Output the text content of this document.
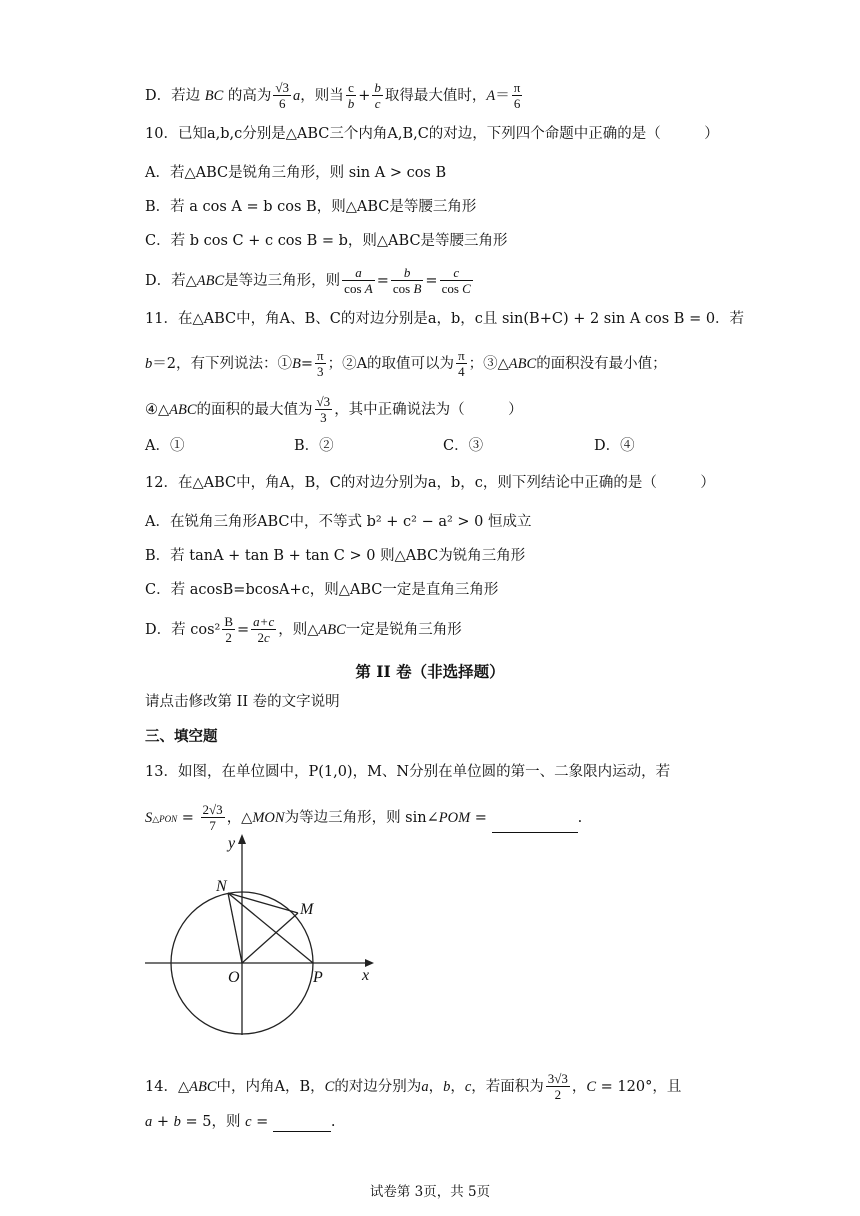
D．若边 BC 的高为 $\frac{√3}{6}$ a，则当 $\frac{c}{b} + \frac{b}{c}$ 取得最大值时，$A= \frac{\pi}{6}$
10．已知a,b,c分别是△ABC三个内角A,B,C的对边，下列四个命题中正确的是（　　　）
A．若△ABC是锐角三角形，则 sin A > cos B
B．若 a cos A = b cos B，则△ABC是等腰三角形
C．若 b cos C + c cos B = b，则△ABC是等腰三角形
D．若△ABC是等边三角形，则 $\frac{a}{\text{cos A}} = \frac{b}{\text{cos B}} = \frac{c}{\text{cos C}}$
11．在△ABC中，角A、B、C的对边分别是a，b，c且 sin(B+C) + 2 sin A cos B = 0．若
b＝2，有下列说法：①B= $\frac{\pi}{3}$ ；②A的取值可以为 $\frac{\pi}{4}$ ；③△ABC的面积没有最小值；
④△ABC的面积的最大值为 $\frac{√3}{3}$ ，其中正确说法为（　　　）
A．①	B．②	C．③	D．④
12．在△ABC中，角A，B，C的对边分别为a，b，c，则下列结论中正确的是（　　　）
A．在锐角三角形ABC中，不等式 b² + c² − a² > 0 恒成立
B．若 tanA + tan B + tan C > 0 则△ABC为锐角三角形
C．若 acosB=bcosA+c，则△ABC一定是直角三角形
D．若 $\cos^2 \frac{B}{2} = \frac{a+c}{2c}$ ，则△ABC一定是锐角三角形
第 II 卷（非选择题）
请点击修改第 II 卷的文字说明
三、填空题
13．如图，在单位圆中，P(1,0)，M、N分别在单位圆的第一、二象限内运动，若
S△PON = $\frac{2√3}{7}$ ，△MON为等边三角形，则 sin∠POM =	.
y
x
N
M
O	P
14．△ABC中，内角A，B，C的对边分别为a，b，c，若面积为 $\frac{3√3}{2}$ ，C = 120°，且
a + b = 5，则 c =	.
试卷第 3页，共 5页
